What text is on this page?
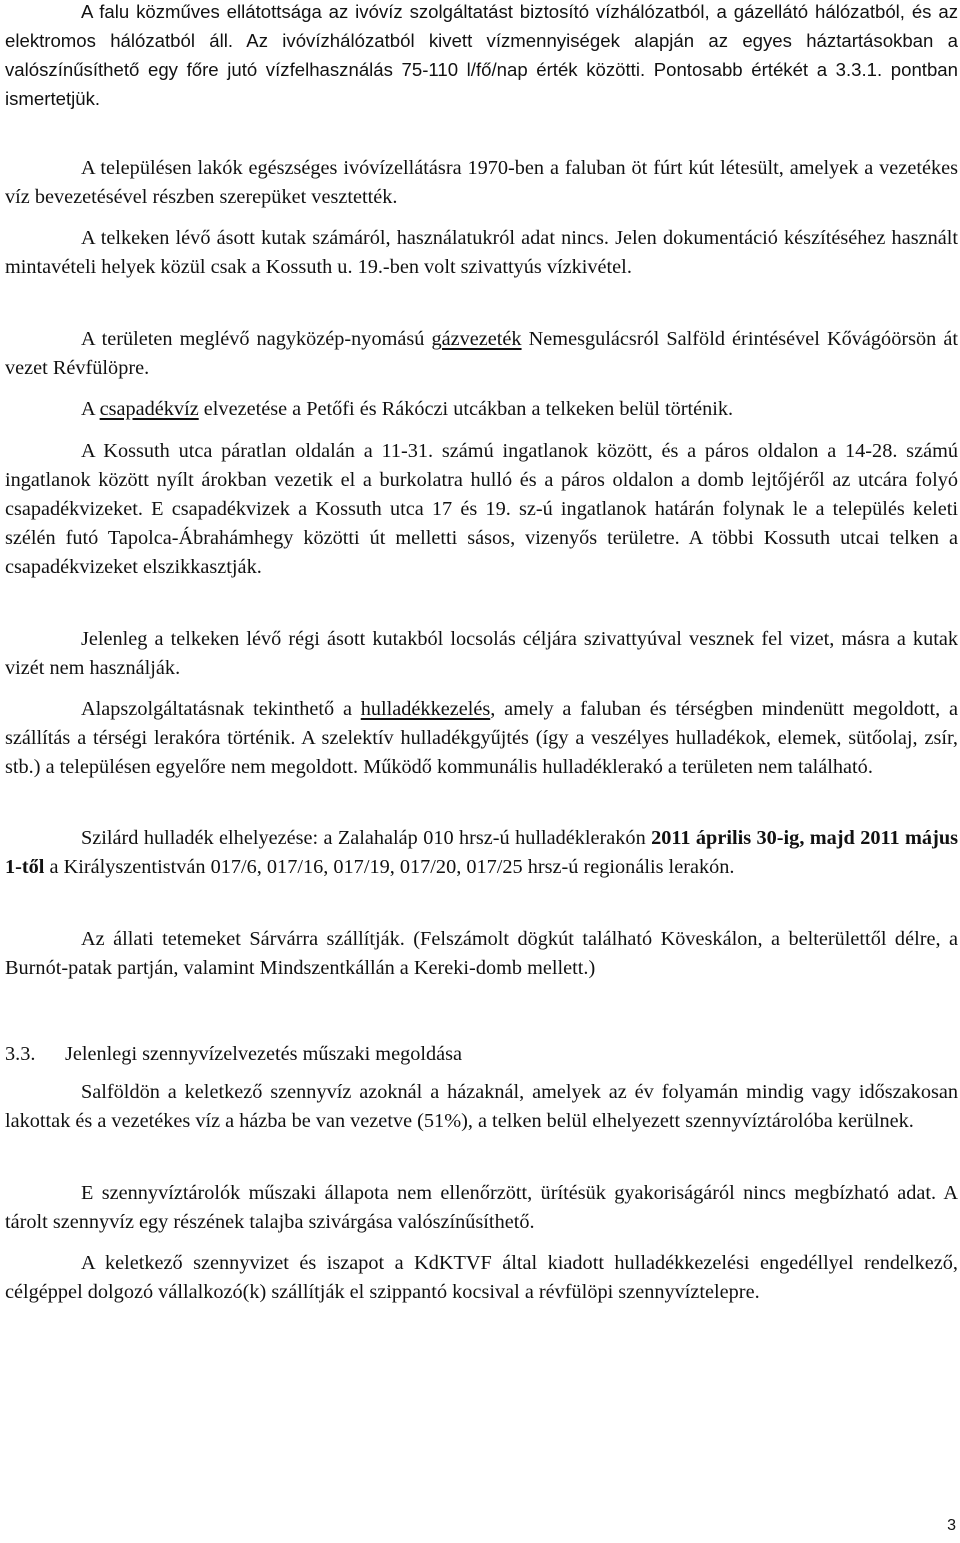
A falu közműves ellátottsága az ivóvíz szolgáltatást biztosító vízhálózatból, a gázellátó hálózatból, és az elektromos hálózatból áll. Az ivóvízhálózatból kivett vízmennyiségek alapján az egyes háztartásokban a valószínűsíthető egy főre jutó vízfelhasználás 75-110 l/fő/nap érték közötti. Pontosabb értékét a 3.3.1. pontban ismertetjük.

A településen lakók egészséges ivóvízellátásra 1970-ben a faluban öt fúrt kút létesült, amelyek a vezetékes víz bevezetésével részben szerepüket vesztették.

A telkeken lévő ásott kutak számáról, használatukról adat nincs. Jelen dokumentáció készítéséhez használt mintavételi helyek közül csak a Kossuth u. 19.-ben volt szivattyús vízkivétel.

A területen meglévő nagyközép-nyomású gázvezeték Nemesgulácsról Salföld érintésével Kővágóörsön át vezet Révfülöpre.

A csapadékvíz elvezetése a Petőfi és Rákóczi utcákban a telkeken belül történik.

A Kossuth utca páratlan oldalán a 11-31. számú ingatlanok között, és a páros oldalon a 14-28. számú ingatlanok között nyílt árokban vezetik el a burkolatra hulló és a páros oldalon a domb lejtőjéről az utcára folyó csapadékvizeket. E csapadékvizek a Kossuth utca 17 és 19. sz-ú ingatlanok határán folynak le a település keleti szélén futó Tapolca-Ábrahámhegy közötti út melletti sásos, vizenyős területre. A többi Kossuth utcai telken a csapadékvizeket elszikkasztják.

Jelenleg a telkeken lévő régi ásott kutakból locsolás céljára szivattyúval vesznek fel vizet, másra a kutak vizét nem használják.

Alapszolgáltatásnak tekinthető a hulladékkezelés, amely a faluban és térségben mindenütt megoldott, a szállítás a térségi lerakóra történik. A szelektív hulladékgyűjtés (így a veszélyes hulladékok, elemek, sütőolaj, zsír, stb.) a településen egyelőre nem megoldott. Működő kommunális hulladéklerakó a területen nem található.

Szilárd hulladék elhelyezése: a Zalahaláp 010 hrsz-ú hulladéklerakón 2011 április 30-ig, majd 2011 május 1-től a Királyszentistván 017/6, 017/16, 017/19, 017/20, 017/25 hrsz-ú regionális lerakón.

Az állati tetemeket Sárvárra szállítják. (Felszámolt dögkút található Köveskálon, a belterülettől délre, a Burnót-patak partján, valamint Mindszentkállán a Kereki-domb mellett.)

3.3. Jelenlegi szennyvízelvezetés műszaki megoldása

Salföldön a keletkező szennyvíz azoknál a házaknál, amelyek az év folyamán mindig vagy időszakosan lakottak és a vezetékes víz a házba be van vezetve (51%), a telken belül elhelyezett szennyvíztárolóba kerülnek.

E szennyvíztárolók műszaki állapota nem ellenőrzött, ürítésük gyakoriságáról nincs megbízható adat. A tárolt szennyvíz egy részének talajba szivárgása valószínűsíthető.

A keletkező szennyvizet és iszapot a KdKTVF által kiadott hulladékkezelési engedéllyel rendelkező, célgéppel dolgozó vállalkozó(k) szállítják el szippantó kocsival a révfülöpi szennyvíztelepre.

3
